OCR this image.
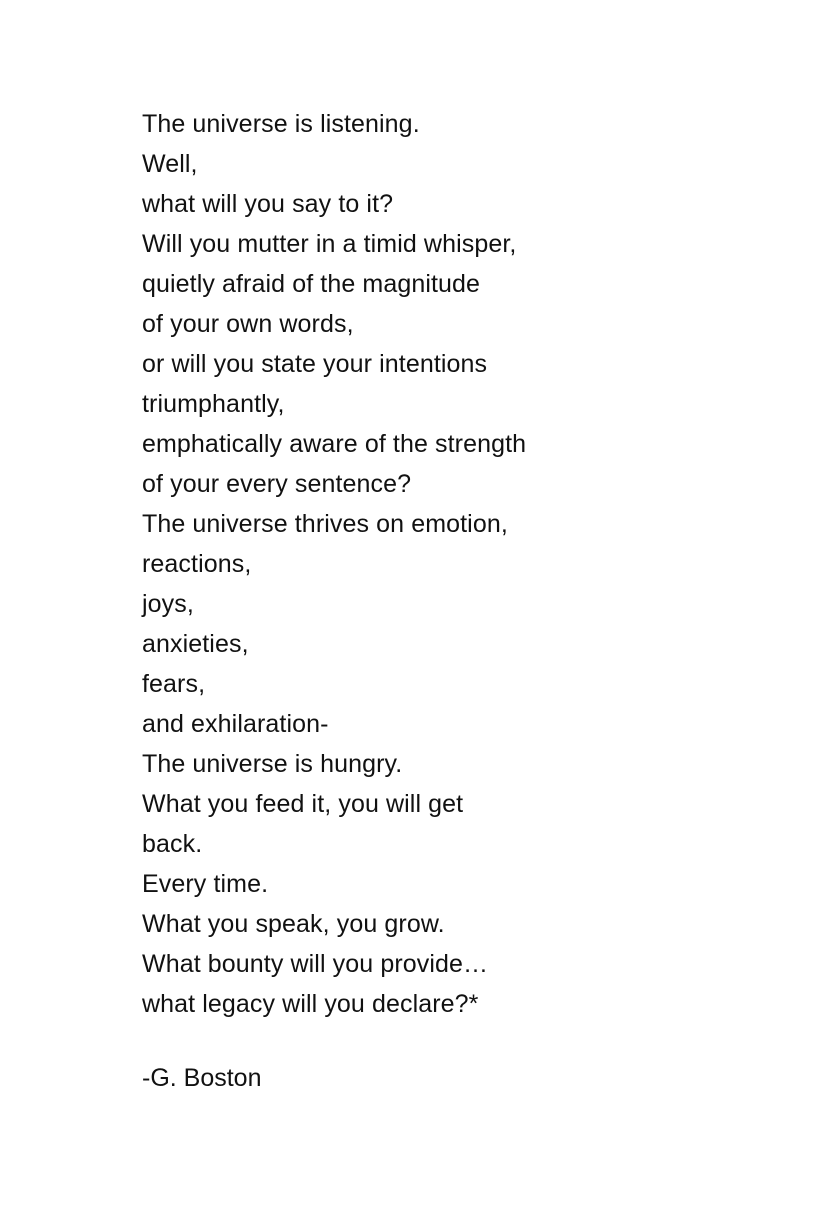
The universe is listening.
Well,
what will you say to it?
Will you mutter in a timid whisper,
quietly afraid of the magnitude
of your own words,
or will you state your intentions
triumphantly,
emphatically aware of the strength
of your every sentence?
The universe thrives on emotion,
reactions,
joys,
anxieties,
fears,
and exhilaration-
The universe is hungry.
What you feed it, you will get
back.
Every time.
What you speak, you grow.
What bounty will you provide…
what legacy will you declare?*
-G. Boston
